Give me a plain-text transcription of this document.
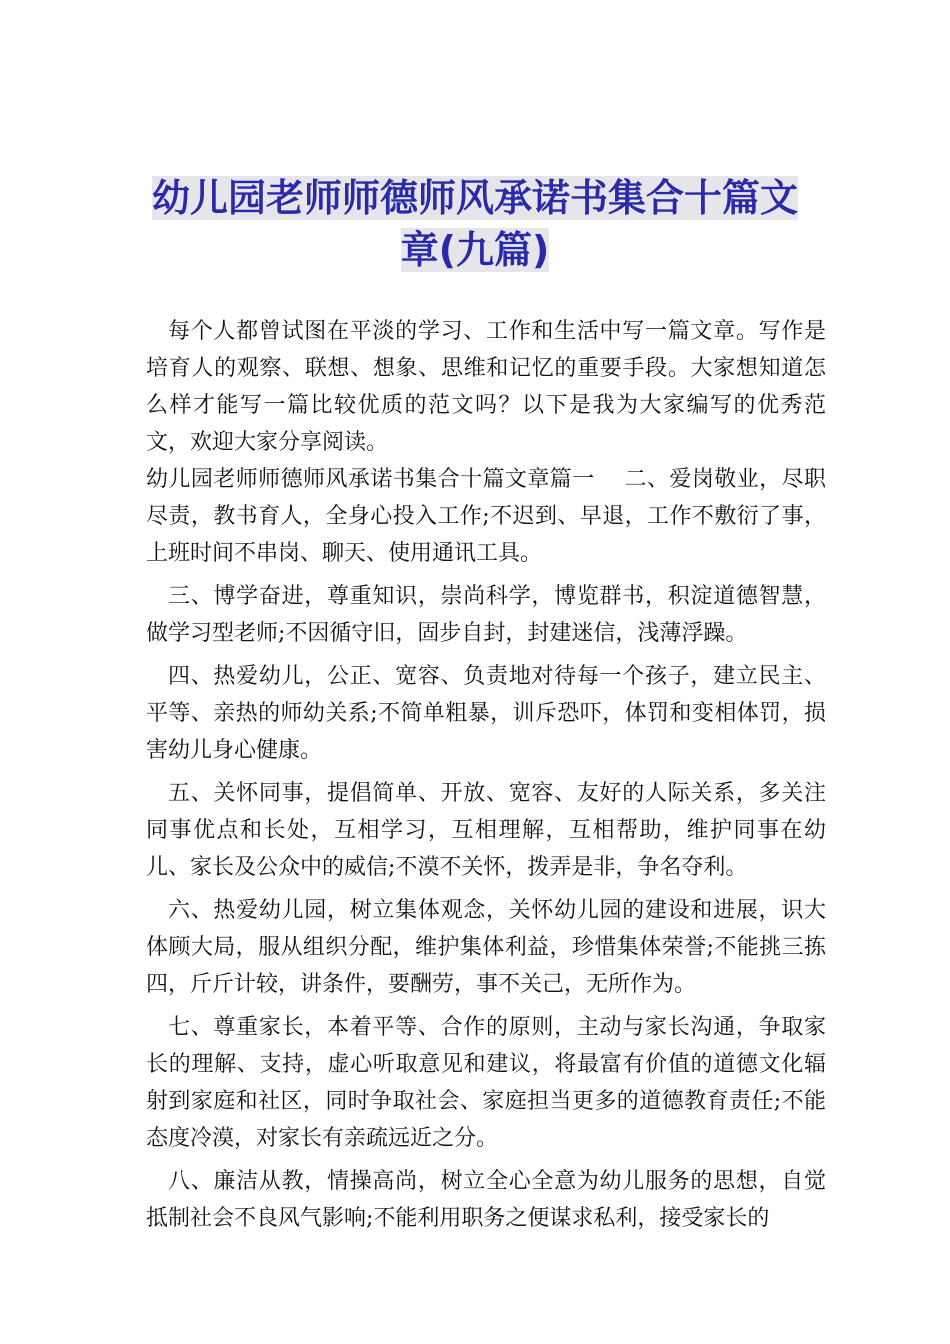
幼儿园老师师德师风承诺书集合十篇文
章(九篇)

每个人都曾试图在平淡的学习、工作和生活中写一篇文章。写作是培育人的观察、联想、想象、思维和记忆的重要手段。大家想知道怎么样才能写一篇比较优质的范文吗？以下是我为大家编写的优秀范文，欢迎大家分享阅读。

幼儿园老师师德师风承诺书集合十篇文章篇一　 二、爱岗敬业，尽职尽责，教书育人，全身心投入工作;不迟到、早退，工作不敷衍了事，上班时间不串岗、聊天、使用通讯工具。

三、博学奋进，尊重知识，崇尚科学，博览群书，积淀道德智慧，做学习型老师;不因循守旧，固步自封，封建迷信，浅薄浮躁。

四、热爱幼儿，公正、宽容、负责地对待每一个孩子，建立民主、平等、亲热的师幼关系;不简单粗暴，训斥恐吓，体罚和变相体罚，损害幼儿身心健康。

五、关怀同事，提倡简单、开放、宽容、友好的人际关系，多关注同事优点和长处，互相学习，互相理解，互相帮助，维护同事在幼儿、家长及公众中的威信;不漠不关怀，拨弄是非，争名夺利。

六、热爱幼儿园，树立集体观念，关怀幼儿园的建设和进展，识大体顾大局，服从组织分配，维护集体利益，珍惜集体荣誉;不能挑三拣四，斤斤计较，讲条件，要酬劳，事不关己，无所作为。

七、尊重家长，本着平等、合作的原则，主动与家长沟通，争取家长的理解、支持，虚心听取意见和建议，将最富有价值的道德文化辐射到家庭和社区，同时争取社会、家庭担当更多的道德教育责任;不能态度冷漠，对家长有亲疏远近之分。

八、廉洁从教，情操高尚，树立全心全意为幼儿服务的思想，自觉抵制社会不良风气影响;不能利用职务之便谋求私利，接受家长的
